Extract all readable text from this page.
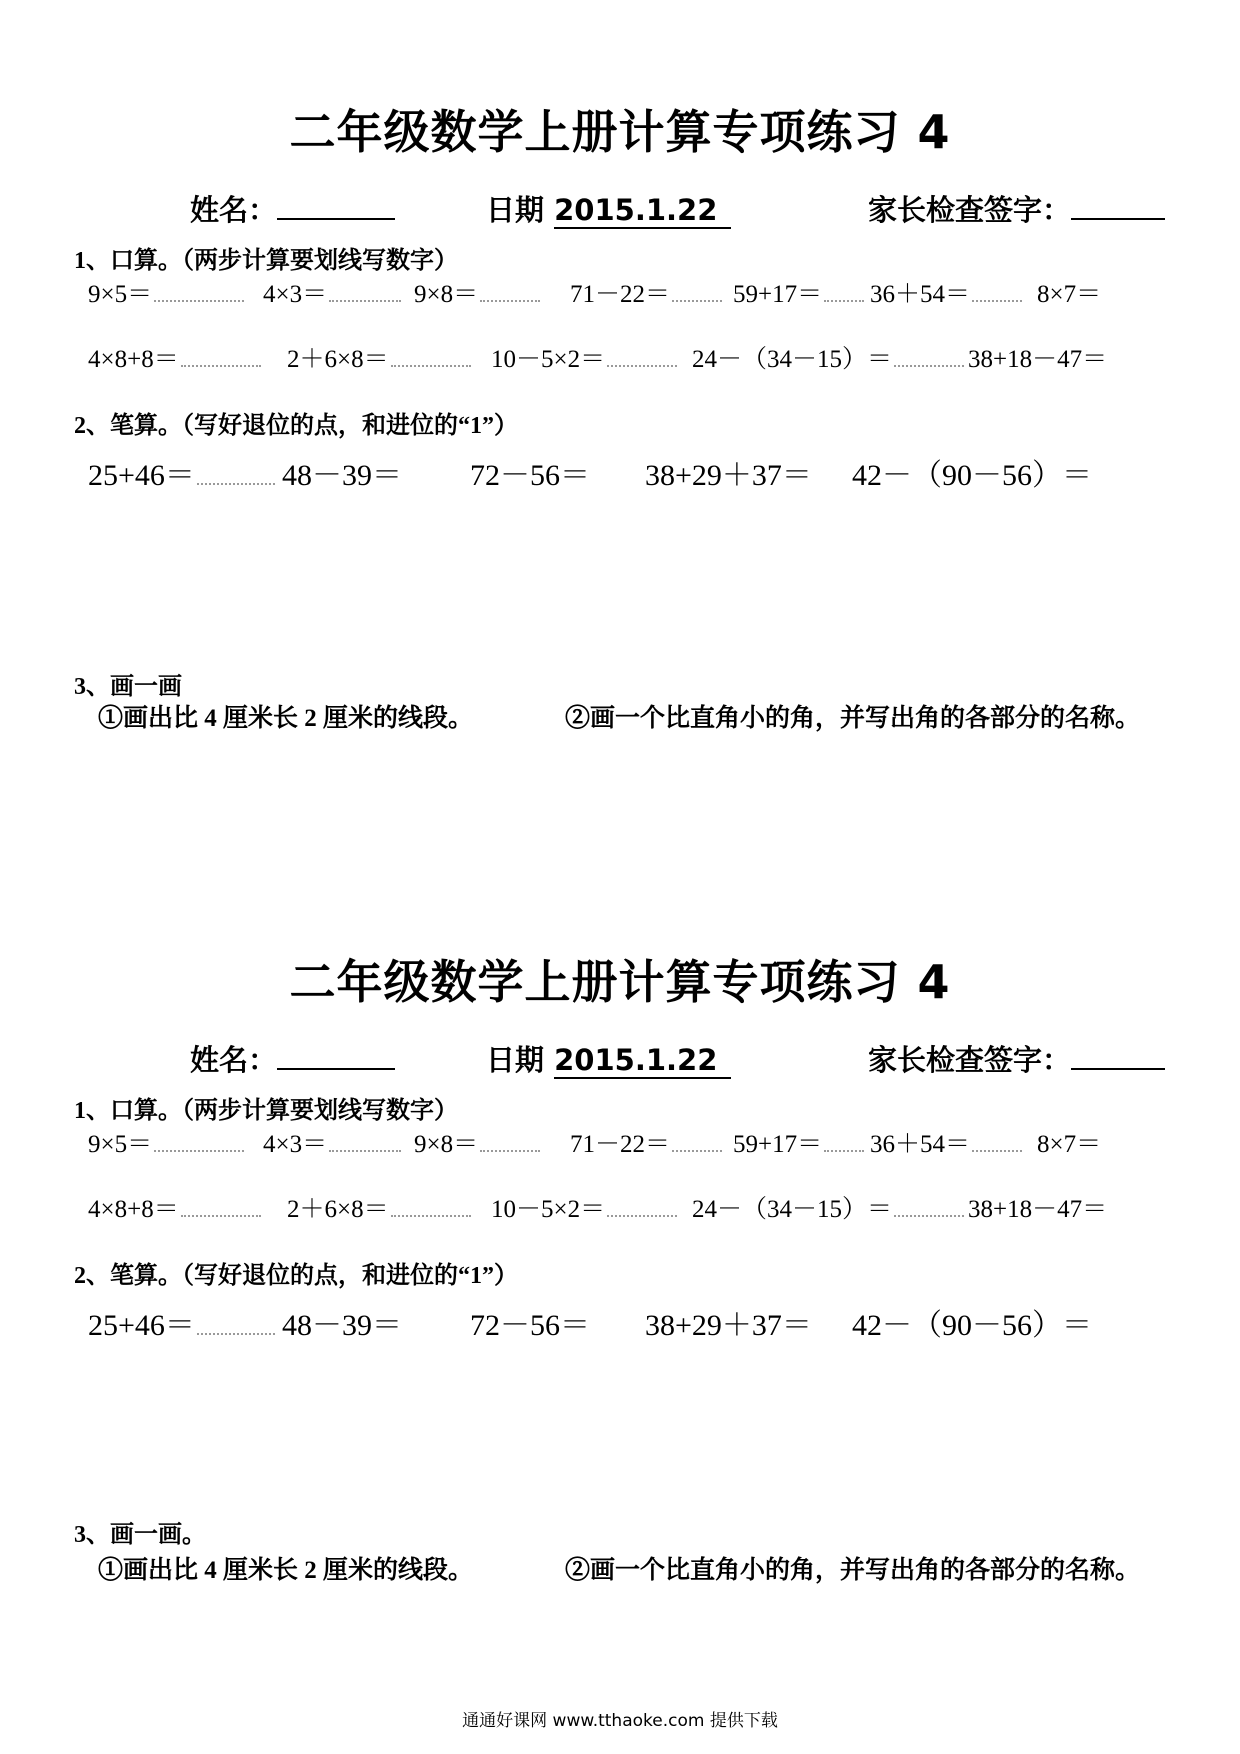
二年级数学上册计算专项练习 4
姓名：	日期 2015.1.22	家长检查签字：
1、口算。（两步计算要划线写数字）
9×5＝	4×3＝	9×8＝	71－22＝	59+17＝	36＋54＝	8×7＝
4×8+8＝	2＋6×8＝	10－5×2＝	24－（34－15）＝	38+18－47＝
2、笔算。（写好退位的点，和进位的“1”）
25+46＝	48－39＝ 72－56＝ 38+29＋37＝ 42－（90－56）＝
3、画一画
①画出比 4 厘米长 2 厘米的线段。	②画一个比直角小的角，并写出角的各部分的名称。
二年级数学上册计算专项练习 4
姓名：	日期 2015.1.22	家长检查签字：
1、口算。（两步计算要划线写数字）
9×5＝	4×3＝	9×8＝	71－22＝	59+17＝	36＋54＝	8×7＝
4×8+8＝	2＋6×8＝	10－5×2＝	24－（34－15）＝	38+18－47＝
2、笔算。（写好退位的点，和进位的“1”）
25+46＝	48－39＝ 72－56＝ 38+29＋37＝ 42－（90－56）＝
3、画一画。
①画出比 4 厘米长 2 厘米的线段。	②画一个比直角小的角，并写出角的各部分的名称。
通通好课网 www.tthaoke.com 提供下载
